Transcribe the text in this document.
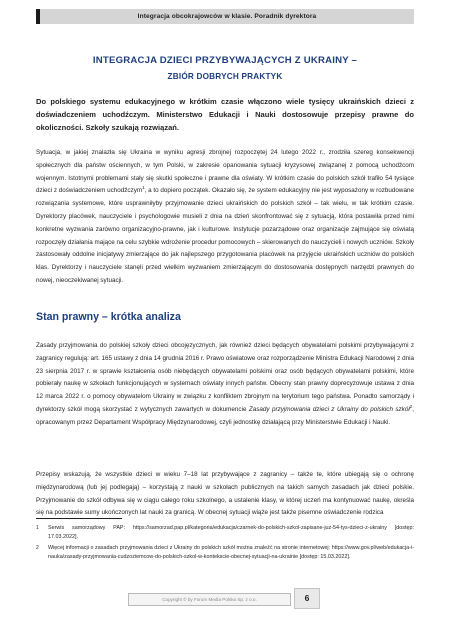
Integracja obcokrajowców w klasie. Poradnik dyrektora
INTEGRACJA DZIECI PRZYBYWAJĄCYCH Z UKRAINY –
ZBIÓR DOBRYCH PRAKTYK

Do polskiego systemu edukacyjnego w krótkim czasie włączono wiele tysięcy ukraińskich dzieci z doświadczeniem uchodźczym. Ministerstwo Edukacji i Nauki dostosowuje przepisy prawne do okoliczności. Szkoły szukają rozwiązań.

Sytuacja, w jakiej znalazła się Ukraina w wyniku agresji zbrojnej rozpoczętej 24 lutego 2022 r., zrodziła szereg konsekwencji społecznych dla państw ościennych, w tym Polski, w zakresie opanowania sytuacji kryzysowej związanej z pomocą uchodźcom wojennym. Istotnymi problemami stały się skutki społeczne i prawne dla oświaty. W krótkim czasie do polskich szkół trafiło 54 tysiące dzieci z doświadczeniem uchodźczym$^1$, a to dopiero początek. Okazało się, że system edukacyjny nie jest wyposażony w rozbudowane rozwiązania systemowe, które usprawniłyby przyjmowanie dzieci ukraińskich do polskich szkół – tak wielu, w tak krótkim czasie. Dyrektorzy placówek, nauczyciele i psychologowie musieli z dnia na dzień skonfrontować się z sytuacją, która postawiła przed nimi konkretne wyzwania zarówno organizacyjno-prawne, jak i kulturowe. Instytucje pozarządowe oraz organizacje zajmujące się oświatą rozpoczęły działania mające na celu szybkie wdrożenie procedur pomocowych – skierowanych do nauczycieli i nowych uczniów. Szkoły zastosowały oddolne inicjatywy zmierzające do jak najlepszego przygotowania placówek na przyjęcie ukraińskich uczniów do polskich klas. Dyrektorzy i nauczyciele stanęli przed wielkim wyzwaniem zmierzającym do dostosowania dostępnych narzędzi prawnych do nowej, nieoczekiwanej sytuacji.

Stan prawny – krótka analiza

Zasady przyjmowania do polskiej szkoły dzieci obcojęzycznych, jak również dzieci będących obywatelami polskimi przybywającymi z zagranicy regulują: art. 165 ustawy z dnia 14 grudnia 2016 r. Prawo oświatowe oraz rozporządzenie Ministra Edukacji Narodowej z dnia 23 sierpnia 2017 r. w sprawie kształcenia osób niebędących obywatelami polskimi oraz osób będących obywatelami polskimi, które pobierały naukę w szkołach funkcjonujących w systemach oświaty innych państw. Obecny stan prawny doprecyzowuje ustawa z dnia 12 marca 2022 r. o pomocy obywatelom Ukrainy w związku z konfliktem zbrojnym na terytorium tego państwa. Ponadto samorządy i dyrektorzy szkół mogą skorzystać z wytycznych zawartych w dokumencie Zasady przyjmowania dzieci z Ukrainy do polskich szkół$^2$, opracowanym przez Departament Współpracy Międzynarodowej, czyli jednostkę działającą przy Ministerstwie Edukacji i Nauki.

Przepisy wskazują, że wszystkie dzieci w wieku 7–18 lat przybywające z zagranicy – także te, które ubiegają się o ochronę międzynarodową (lub jej podlegają) – korzystają z nauki w szkołach publicznych na takich samych zasadach jak dzieci polskie. Przyjmowanie do szkół odbywa się w ciągu całego roku szkolnego, a ustalenie klasy, w której uczeń ma kontynuować naukę, określa się na podstawie sumy ukończonych lat nauki za granicą. W obecnej sytuacji wiąże jest także pisemne oświadczenie rodzica

1	Serwis samorządowy PAP: https://samorzad.pap.pl/kategoria/edukacja/czarnek-do-polskich-szkol-zapisane-juz-54-tys-dzieci-z-ukrainy [dostęp: 17.03.2022].

2	Więcej informacji o zasadach przyjmowania dzieci z Ukrainy do polskich szkół można znaleźć na stronie internetowej: https://www.gov.pl/web/edukacja-i-nauka/zasady-przyjmowania-cudzoziemcow-do-polskich-szkol-w-kontekscie-obecnej-sytuacji-na-ukrainie [dostęp: 15.03.2022].

Copyright © by Forum Media Polska Sp. z o.o.	6
